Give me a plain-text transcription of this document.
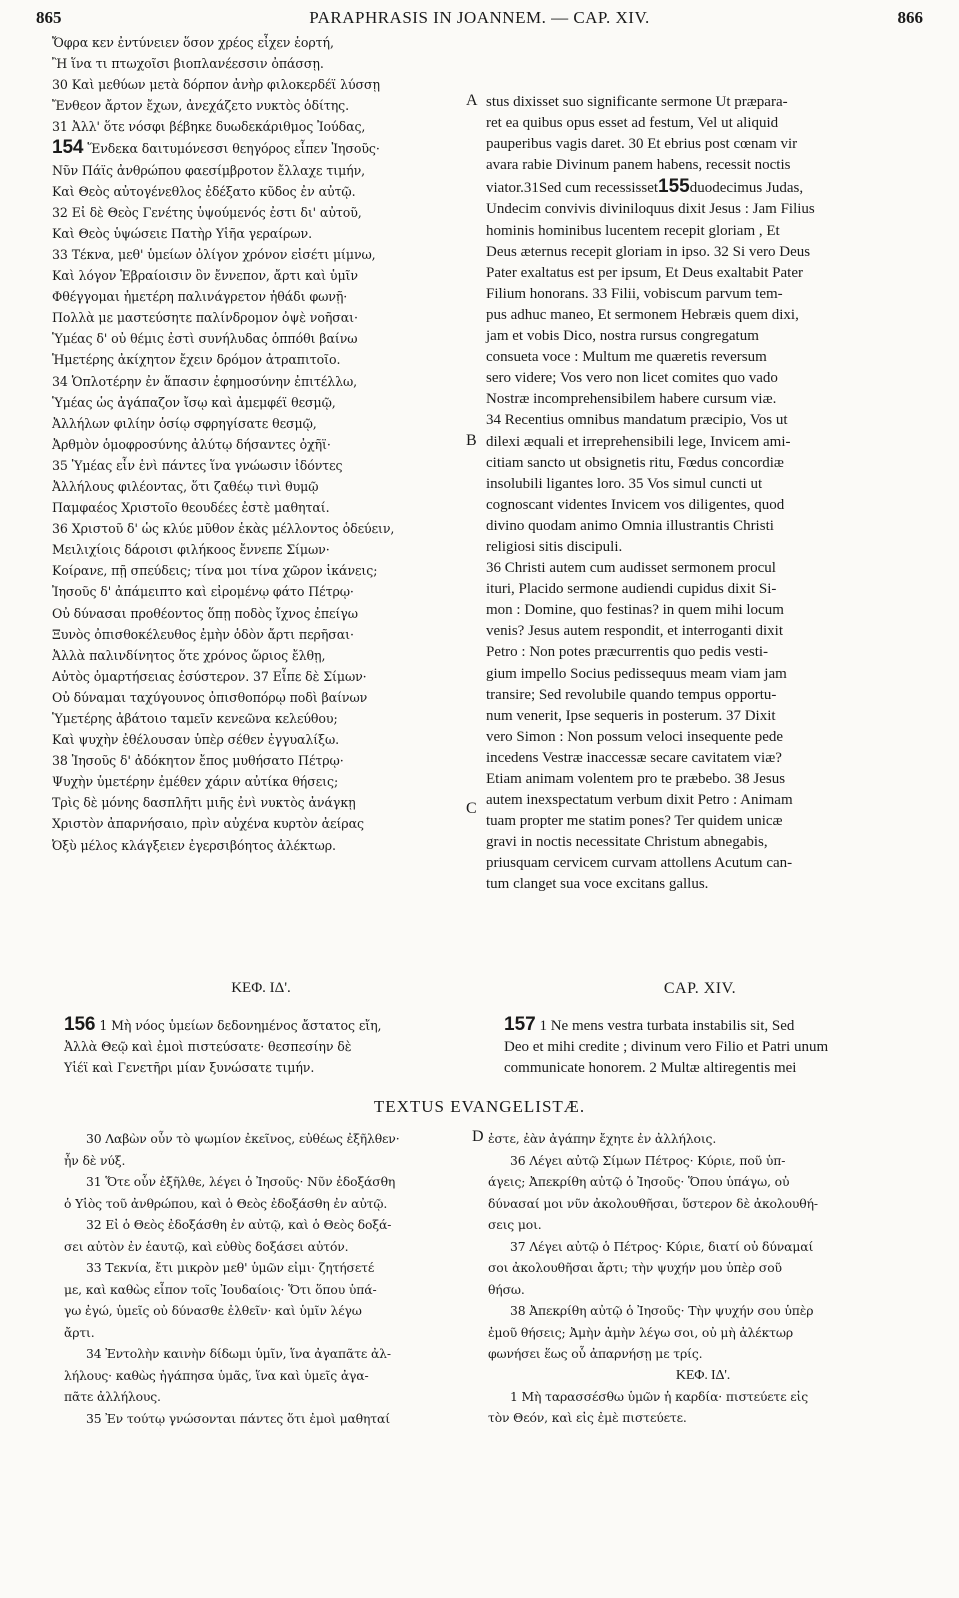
865	PARAPHRASIS IN JOANNEM. — CAP. XIV.	866
Ὄφρα κεν ἐντύνειεν ὅσον χρέος εἶχεν ἑορτή,
Ἢ ἵνα τι πτωχοῖσι βιοπλανέεσσιν ὀπάσσῃ.
30 Καὶ μεθύων μετὰ δόρπον ἀνὴρ φιλοκερδέϊ λύσσῃ
Ἔνθεον ἄρτον ἔχων, ἀνεχάζετο νυκτὸς ὁδίτης.
31 Ἀλλ' ὅτε νόσφι βέβηκε δυωδεκάριθμος Ἰούδας,
154 Ἕνδεκα δαιτυμόνεσσι θεηγόρος εἶπεν Ἰησοῦς·
Νῦν Πάϊς ἀνθρώπου φαεσίμβροτον ἔλλαχε τιμήν,
Καὶ Θεὸς αὐτογένεθλος ἐδέξατο κῦδος ἐν αὐτῷ.
32 Εἰ δὲ Θεὸς Γενέτης ὑψούμενός ἐστι δι' αὐτοῦ,
Καὶ Θεὸς ὑψώσειε Πατὴρ Υἱῆα γεραίρων.
33 Τέκνα, μεθ' ὑμείων ὀλίγον χρόνον εἰσέτι μίμνω,
Καὶ λόγον Ἑβραίοισιν ὃν ἔννεπον, ἄρτι καὶ ὑμῖν
Φθέγγομαι ἡμετέρη παλινάγρετον ἠθάδι φωνῇ·
Πολλὰ με μαστεύσητε παλίνδρομον ὀψὲ νοῆσαι·
Ὑμέας δ' οὐ θέμις ἐστὶ συνήλυδας ὁππόθι βαίνω
Ἡμετέρης ἀκίχητον ἔχειν δρόμον ἀτραπιτοῖο.
34 Ὁπλοτέρην ἐν ἅπασιν ἐφημοσύνην ἐπιτέλλω,
Ὑμέας ὡς ἀγάπαζον ἴσῳ καὶ ἀμεμφέϊ θεσμῷ,
Ἀλλήλων φιλίην ὁσίῳ σφρηγίσατε θεσμῷ,
Ἀρθμὸν ὁμοφροσύνης ἀλύτῳ δήσαντες ὀχῆϊ·
35 Ὑμέας εἶν ἑνὶ πάντες ἵνα γνώωσιν ἰδόντες
Ἀλλήλους φιλέοντας, ὅτι ζαθέῳ τινὶ θυμῷ
Παμφαέος Χριστοῖο θεουδέες ἐστὲ μαθηταί.
36 Χριστοῦ δ' ὡς κλύε μῦθον ἑκὰς μέλλοντος ὁδεύειν,
Μειλιχίοις δάροισι φιλήκοος ἔννεπε Σίμων·
Κοίρανε, πῇ σπεύδεις; τίνα μοι τίνα χῶρον ἱκάνεις;
Ἰησοῦς δ' ἀπάμειπτο καὶ εἰρομένῳ φάτο Πέτρῳ·
Οὐ δύνασαι προθέοντος ὅπῃ ποδὸς ἴχνος ἐπείγω
Ξυνὸς ὀπισθοκέλευθος ἐμὴν ὁδὸν ἄρτι περῆσαι·
Ἀλλὰ παλινδίνητος ὅτε χρόνος ὥριος ἔλθῃ,
Αὐτὸς ὁμαρτήσειας ἐσύστερον. 37 Εἶπε δὲ Σίμων·
Οὐ δύναμαι ταχύγουνος ὀπισθοπόρῳ ποδὶ βαίνων
Ὑμετέρης ἀβάτοιο ταμεῖν κενεῶνα κελεύθου;
Καὶ ψυχὴν ἐθέλουσαν ὑπὲρ σέθεν ἐγγυαλίξω.
38 Ἰησοῦς δ' ἀδόκητον ἔπος μυθήσατο Πέτρῳ·
Ψυχὴν ὑμετέρην ἐμέθεν χάριν αὐτίκα θήσεις;
Τρὶς δὲ μόνης δασπλῆτι μιῆς ἐνὶ νυκτὸς ἀνάγκῃ
Χριστὸν ἀπαρνήσαιο, πρὶν αὐχένα κυρτὸν ἀείρας
Ὀξὺ μέλος κλάγξειεν ἐγερσιβόητος ἀλέκτωρ.
ΚΕΦ. ΙΔ'.
156 1 Μὴ νόος ὑμείων δεδονημένος ἄστατος εἴη,
Ἀλλὰ Θεῷ καὶ ἐμοὶ πιστεύσατε· θεσπεσίην δὲ
Υἱέϊ καὶ Γενετῆρι μίαν ξυνώσατε τιμήν.
A
B
C
stus dixisset suo significante sermone Ut præpara-
ret ea quibus opus esset ad festum, Vel ut aliquid
pauperibus vagis daret. 30 Et ebrius post cœnam vir
avara rabie Divinum panem habens, recessit noctis
viator.31Sed cum recessisset155duodecimus Judas,
Undecim convivis diviniloquus dixit Jesus : Jam Filius
hominis hominibus lucentem recepit gloriam , Et
Deus æternus recepit gloriam in ipso. 32 Si vero Deus
Pater exaltatus est per ipsum, Et Deus exaltabit Pater
Filium honorans. 33 Filii, vobiscum parvum tem-
pus adhuc maneo, Et sermonem Hebræis quem dixi,
jam et vobis Dico, nostra rursus congregatum
consueta voce : Multum me quæretis reversum
sero videre; Vos vero non licet comites quo vado
Nostræ incomprehensibilem habere cursum viæ.
34 Recentius omnibus mandatum præcipio, Vos ut
dilexi æquali et irreprehensibili lege, Invicem ami-
citiam sancto ut obsignetis ritu, Fœdus concordiæ
insolubili ligantes loro. 35 Vos simul cuncti ut
cognoscant videntes Invicem vos diligentes, quod
divino quodam animo Omnia illustrantis Christi
religiosi sitis discipuli.
36 Christi autem cum audisset sermonem procul
ituri, Placido sermone audiendi cupidus dixit Si-
mon : Domine, quo festinas? in quem mihi locum
venis? Jesus autem respondit, et interroganti dixit
Petro : Non potes præcurrentis quo pedis vesti-
gium impello Socius pedissequus meam viam jam
transire; Sed revolubile quando tempus opportu-
num venerit, Ipse sequeris in posterum. 37 Dixit
vero Simon : Non possum veloci insequente pede
incedens Vestræ inaccessæ secare cavitatem viæ?
Etiam animam volentem pro te præbebo. 38 Jesus
autem inexspectatum verbum dixit Petro : Animam
tuam propter me statim pones? Ter quidem unicæ
gravi in noctis necessitate Christum abnegabis,
priusquam cervicem curvam attollens Acutum can-
tum clanget sua voce excitans gallus.
CAP. XIV.
157 1 Ne mens vestra turbata instabilis sit, Sed
Deo et mihi credite ; divinum vero Filio et Patri unum
communicate honorem. 2 Multæ altiregentis mei
TEXTUS EVANGELISTÆ.
30 Λαβὼν οὖν τὸ ψωμίον ἐκεῖνος, εὐθέως ἐξῆλθεν·
ἦν δὲ νύξ.
31 Ὅτε οὖν ἐξῆλθε, λέγει ὁ Ἰησοῦς· Νῦν ἐδοξάσθη
ὁ Υἱὸς τοῦ ἀνθρώπου, καὶ ὁ Θεὸς ἐδοξάσθη ἐν αὐτῷ.
32 Εἰ ὁ Θεὸς ἐδοξάσθη ἐν αὐτῷ, καὶ ὁ Θεὸς δοξά-
σει αὐτὸν ἐν ἑαυτῷ, καὶ εὐθὺς δοξάσει αὐτόν.
33 Τεκνία, ἔτι μικρὸν μεθ' ὑμῶν εἰμι· ζητήσετέ
με, καὶ καθὼς εἶπον τοῖς Ἰουδαίοις· Ὅτι ὅπου ὑπά-
γω ἐγώ, ὑμεῖς οὐ δύνασθε ἐλθεῖν· καὶ ὑμῖν λέγω
ἄρτι.
34 Ἐντολὴν καινὴν δίδωμι ὑμῖν, ἵνα ἀγαπᾶτε ἀλ-
λήλους· καθὼς ἠγάπησα ὑμᾶς, ἵνα καὶ ὑμεῖς ἀγα-
πᾶτε ἀλλήλους.
35 Ἐν τούτῳ γνώσονται πάντες ὅτι ἐμοὶ μαθηταί
D ἐστε, ἐὰν ἀγάπην ἔχητε ἐν ἀλλήλοις.
36 Λέγει αὐτῷ Σίμων Πέτρος· Κύριε, ποῦ ὑπ-
άγεις; Ἀπεκρίθη αὐτῷ ὁ Ἰησοῦς· Ὅπου ὑπάγω, οὐ
δύνασαί μοι νῦν ἀκολουθῆσαι, ὕστερον δὲ ἀκολουθή-
σεις μοι.
37 Λέγει αὐτῷ ὁ Πέτρος· Κύριε, διατί οὐ δύναμαί
σοι ἀκολουθῆσαι ἄρτι; τὴν ψυχήν μου ὑπὲρ σοῦ
θήσω.
38 Ἀπεκρίθη αὐτῷ ὁ Ἰησοῦς· Τὴν ψυχήν σου ὑπὲρ
ἐμοῦ θήσεις; Ἀμὴν ἀμὴν λέγω σοι, οὐ μὴ ἀλέκτωρ
φωνήσει ἕως οὗ ἀπαρνήσῃ με τρίς.
ΚΕΦ. ΙΔ'.
1 Μὴ ταρασσέσθω ὑμῶν ἡ καρδία· πιστεύετε εἰς
τὸν Θεόν, καὶ εἰς ἐμὲ πιστεύετε.
